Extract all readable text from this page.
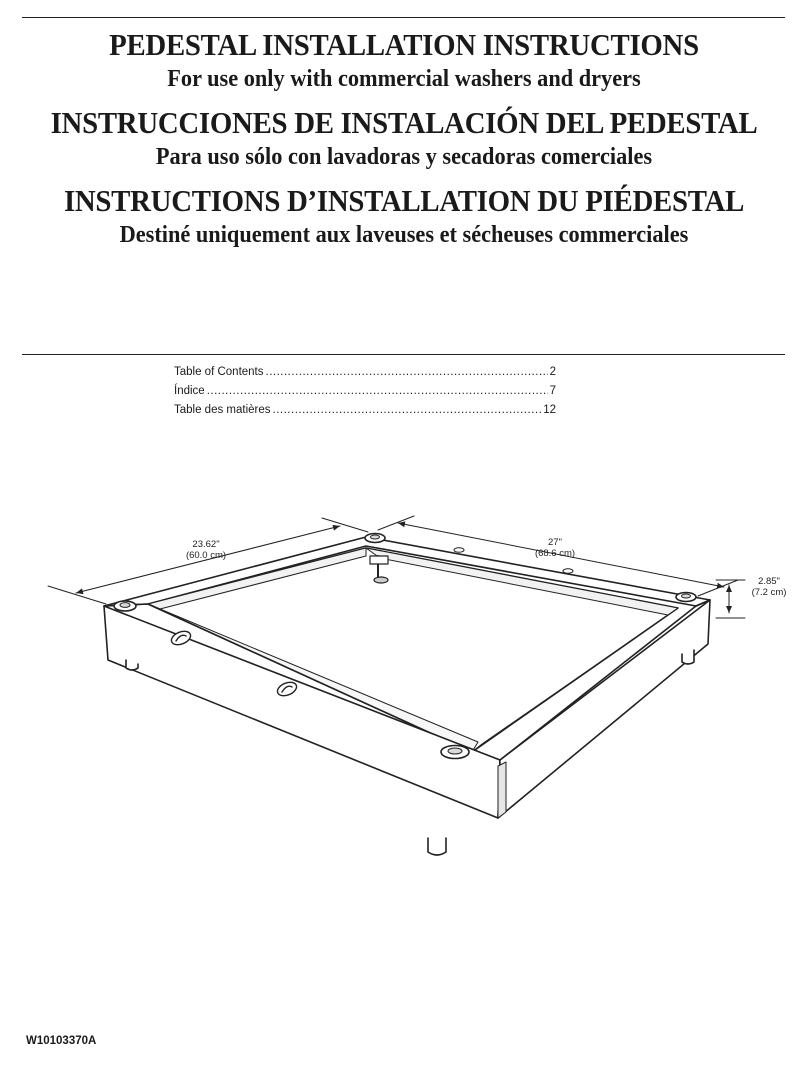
PEDESTAL INSTALLATION INSTRUCTIONS
For use only with commercial washers and dryers
INSTRUCCIONES DE INSTALACIÓN DEL PEDESTAL
Para uso sólo con lavadoras y secadoras comerciales
INSTRUCTIONS D’INSTALLATION DU PIÉDESTAL
Destiné uniquement aux laveuses et sécheuses commerciales
Table of Contents .....	2
Índice .....	7
Table des matières .....	12
23.62"
(60.0 cm)
27"
(68.6 cm)
2.85"
(7.2 cm)
W10103370A
